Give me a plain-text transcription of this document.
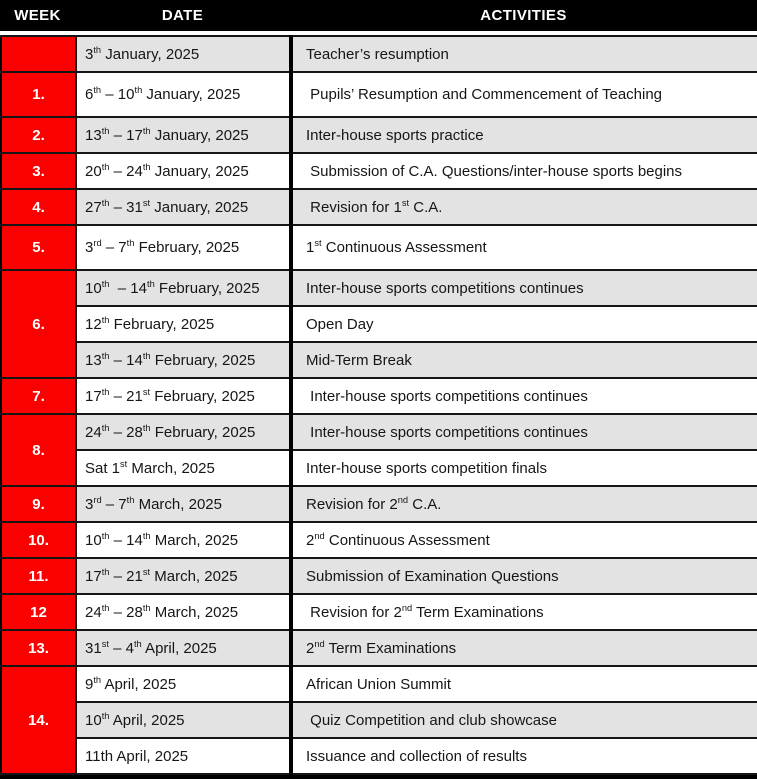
WEEK	DATE	ACTIVITIES
	3th January, 2025	Teacher’s resumption
1.	6th – 10th January, 2025	Pupils’ Resumption and Commencement of Teaching
2.	13th – 17th January, 2025	Inter-house sports practice
3.	20th – 24th January, 2025	Submission of C.A. Questions/inter-house sports begins
4.	27th – 31st January, 2025	Revision for 1st C.A.
5.	3rd – 7th February, 2025	1st Continuous Assessment
6.	10th  – 14th February, 2025	Inter-house sports competitions continues
	12th February, 2025	Open Day
	13th – 14th February, 2025	Mid-Term Break
7.	17th – 21st February, 2025	Inter-house sports competitions continues
8.	24th – 28th February, 2025	Inter-house sports competitions continues
	Sat 1st March, 2025	Inter-house sports competition finals
9.	3rd – 7th March, 2025	Revision for 2nd C.A.
10.	10th – 14th March, 2025	2nd Continuous Assessment
11.	17th – 21st March, 2025	Submission of Examination Questions
12	24th – 28th March, 2025	Revision for 2nd Term Examinations
13.	31st – 4th April, 2025	2nd Term Examinations
14.	9th April, 2025	African Union Summit
	10th April, 2025	Quiz Competition and club showcase
	11th April, 2025	Issuance and collection of results
